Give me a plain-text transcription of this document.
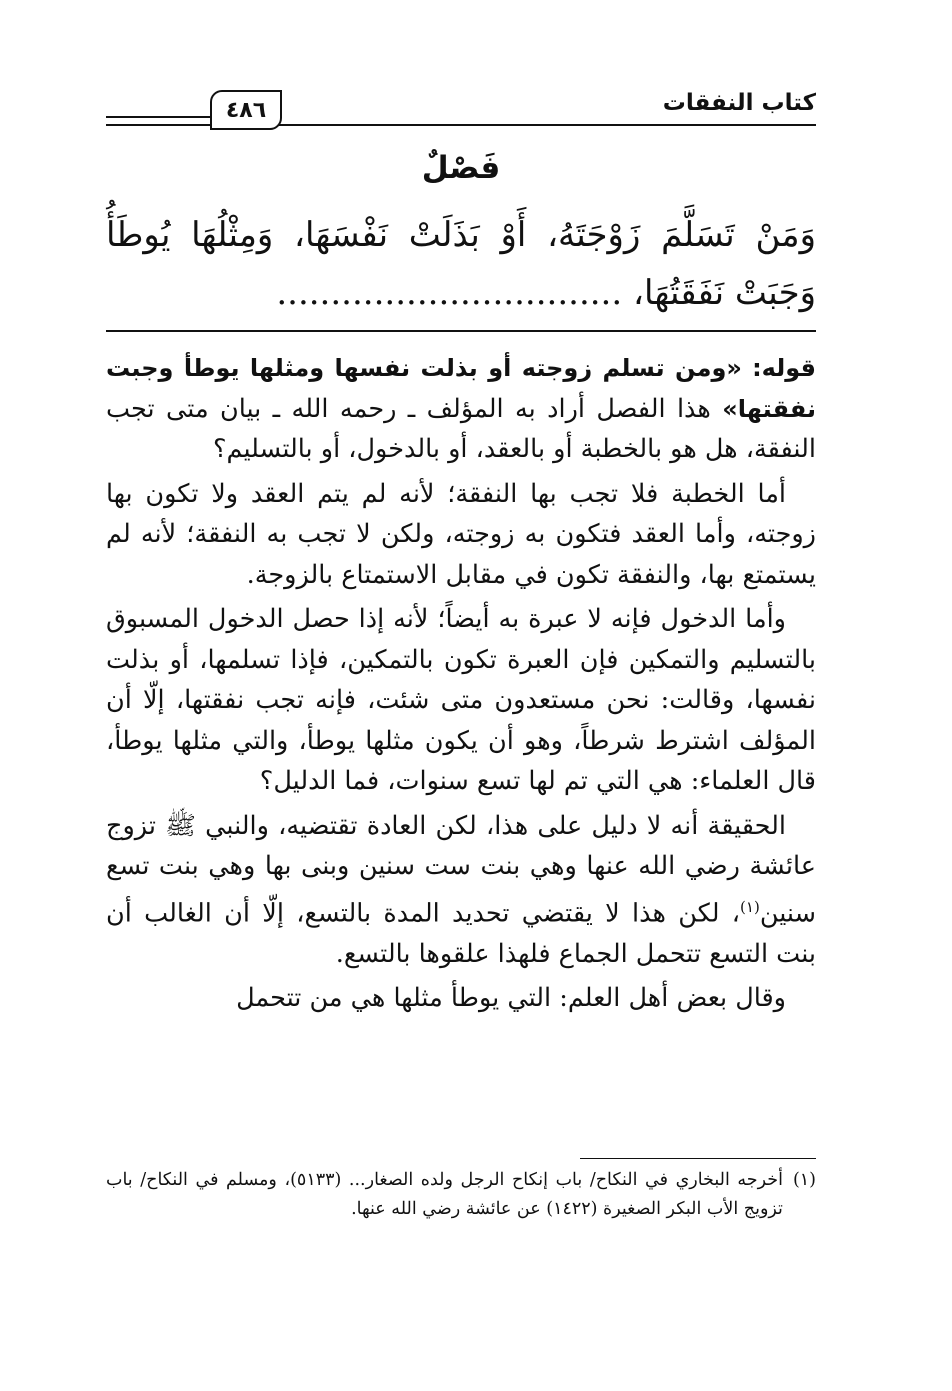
كتاب النفقات
٤٨٦
فَصْلٌ
وَمَنْ تَسَلَّمَ زَوْجَتَهُ، أَوْ بَذَلَتْ نَفْسَهَا، وَمِثْلُهَا يُوطَأُ
وَجَبَتْ نَفَقَتُهَا، ................................

قوله: «ومن تسلم زوجته أو بذلت نفسها ومثلها يوطأ وجبت نفقتها» هذا الفصل أراد به المؤلف ـ رحمه الله ـ بيان متى تجب النفقة، هل هو بالخطبة أو بالعقد، أو بالدخول، أو بالتسليم؟

أما الخطبة فلا تجب بها النفقة؛ لأنه لم يتم العقد ولا تكون بها زوجته، وأما العقد فتكون به زوجته، ولكن لا تجب به النفقة؛ لأنه لم يستمتع بها، والنفقة تكون في مقابل الاستمتاع بالزوجة.

وأما الدخول فإنه لا عبرة به أيضاً؛ لأنه إذا حصل الدخول المسبوق بالتسليم والتمكين فإن العبرة تكون بالتمكين، فإذا تسلمها، أو بذلت نفسها، وقالت: نحن مستعدون متى شئت، فإنه تجب نفقتها، إلّا أن المؤلف اشترط شرطاً، وهو أن يكون مثلها يوطأ، والتي مثلها يوطأ، قال العلماء: هي التي تم لها تسع سنوات، فما الدليل؟

الحقيقة أنه لا دليل على هذا، لكن العادة تقتضيه، والنبي ﷺ تزوج عائشة رضي الله عنها وهي بنت ست سنين وبنى بها وهي بنت تسع سنين$^{(١)}$، لكن هذا لا يقتضي تحديد المدة بالتسع، إلّا أن الغالب أن بنت التسع تتحمل الجماع فلهذا علقوها بالتسع.

وقال بعض أهل العلم: التي يوطأ مثلها هي من تتحمل

(١)
أخرجه البخاري في النكاح/ باب إنكاح الرجل ولده الصغار... (٥١٣٣)، ومسلم في النكاح/ باب تزويج الأب البكر الصغيرة (١٤٢٢) عن عائشة رضي الله عنها.
